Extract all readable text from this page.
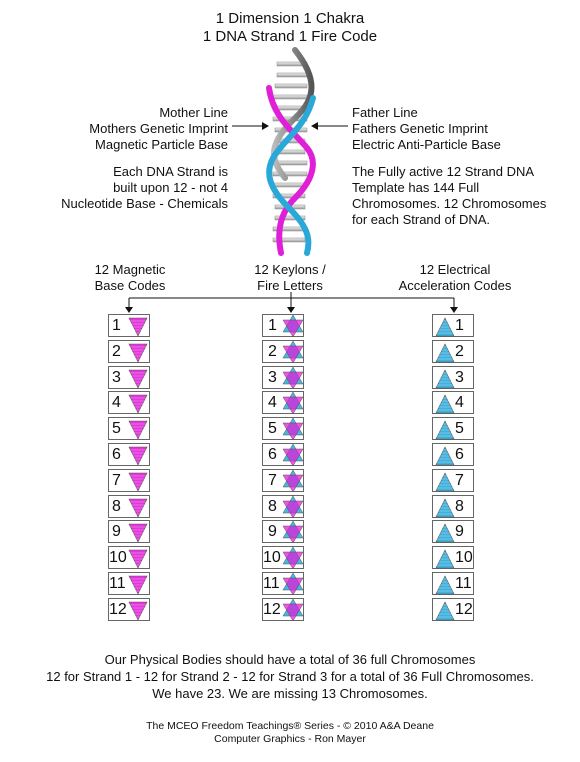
1 Dimension 1 Chakra
1 DNA Strand 1 Fire Code
Mother Line
Mothers Genetic Imprint
Magnetic Particle Base
Father Line
Fathers Genetic Imprint
Electric Anti-Particle Base
Each DNA Strand is
built upon 12 - not 4
Nucleotide Base - Chemicals
The Fully active 12 Strand DNA
Template has 144 Full
Chromosomes. 12 Chromosomes
for each Strand of DNA.
12 Magnetic
Base Codes
12 Keylons /
Fire Letters
12 Electrical
Acceleration Codes
1
2
3
4
5
6
7
8
9
10
11
12
1
2
3
4
5
6
7
8
9
10
11
12
1
2
3
4
5
6
7
8
9
10
11
12
Our Physical Bodies should have a total of 36 full Chromosomes
12 for Strand 1 - 12 for Strand 2 - 12 for Strand 3 for a total of 36 Full Chromosomes.
We have 23. We are missing 13 Chromosomes.
The MCEO Freedom Teachings® Series - © 2010 A&A Deane
Computer Graphics - Ron Mayer
